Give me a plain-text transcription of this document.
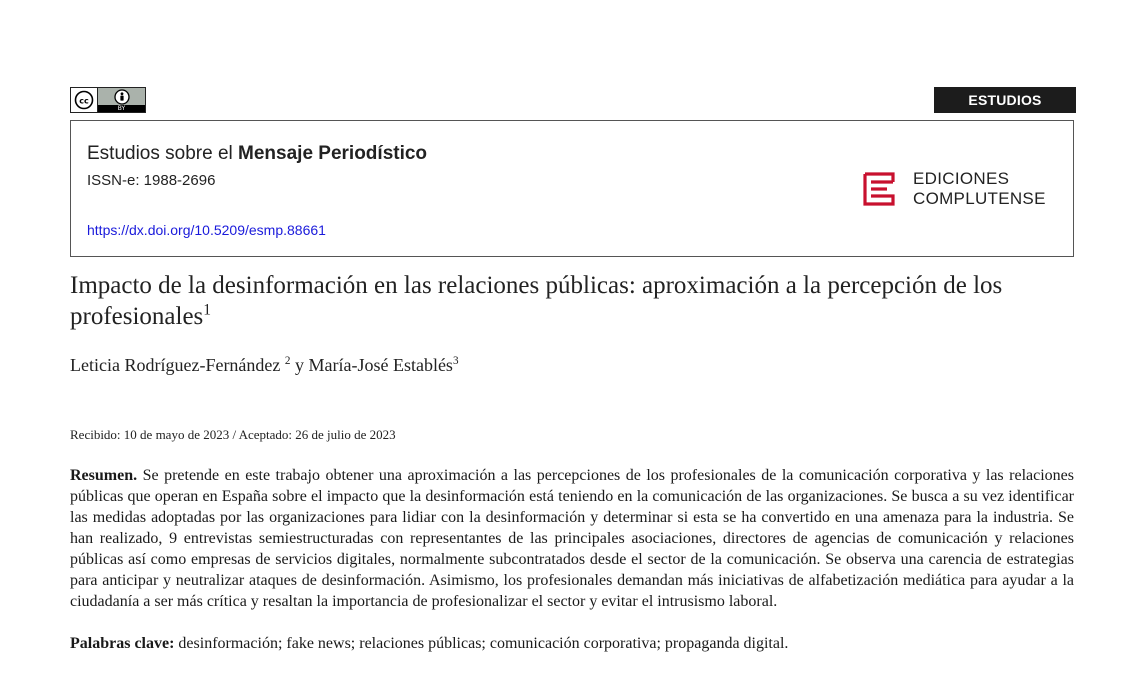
cc
BY	ESTUDIOS
Estudios sobre el Mensaje Periodístico
ISSN-e: 1988-2696
https://dx.doi.org/10.5209/esmp.88661
EDICIONES
COMPLUTENSE
Impacto de la desinformación en las relaciones públicas: aproximación a la percepción de los profesionales$^1$
Leticia Rodríguez-Fernández $^2$ y María-José Establés$^3$
Recibido: 10 de mayo de 2023 / Aceptado: 26 de julio de 2023
Resumen. Se pretende en este trabajo obtener una aproximación a las percepciones de los profesionales de la comunicación corporativa y las relaciones públicas que operan en España sobre el impacto que la desinformación está teniendo en la comunicación de las organizaciones. Se busca a su vez identificar las medidas adoptadas por las organizaciones para lidiar con la desinformación y determinar si esta se ha convertido en una amenaza para la industria. Se han realizado, 9 entrevistas semiestructuradas con representantes de las principales asociaciones, directores de agencias de comunicación y relaciones públicas así como empresas de servicios digitales, normalmente subcontratados desde el sector de la comunicación. Se observa una carencia de estrategias para anticipar y neutralizar ataques de desinformación. Asimismo, los profesionales demandan más iniciativas de alfabetización mediática para ayudar a la ciudadanía a ser más crítica y resaltan la importancia de profesionalizar el sector y evitar el intrusismo laboral.
Palabras clave: desinformación; fake news; relaciones públicas; comunicación corporativa; propaganda digital.
